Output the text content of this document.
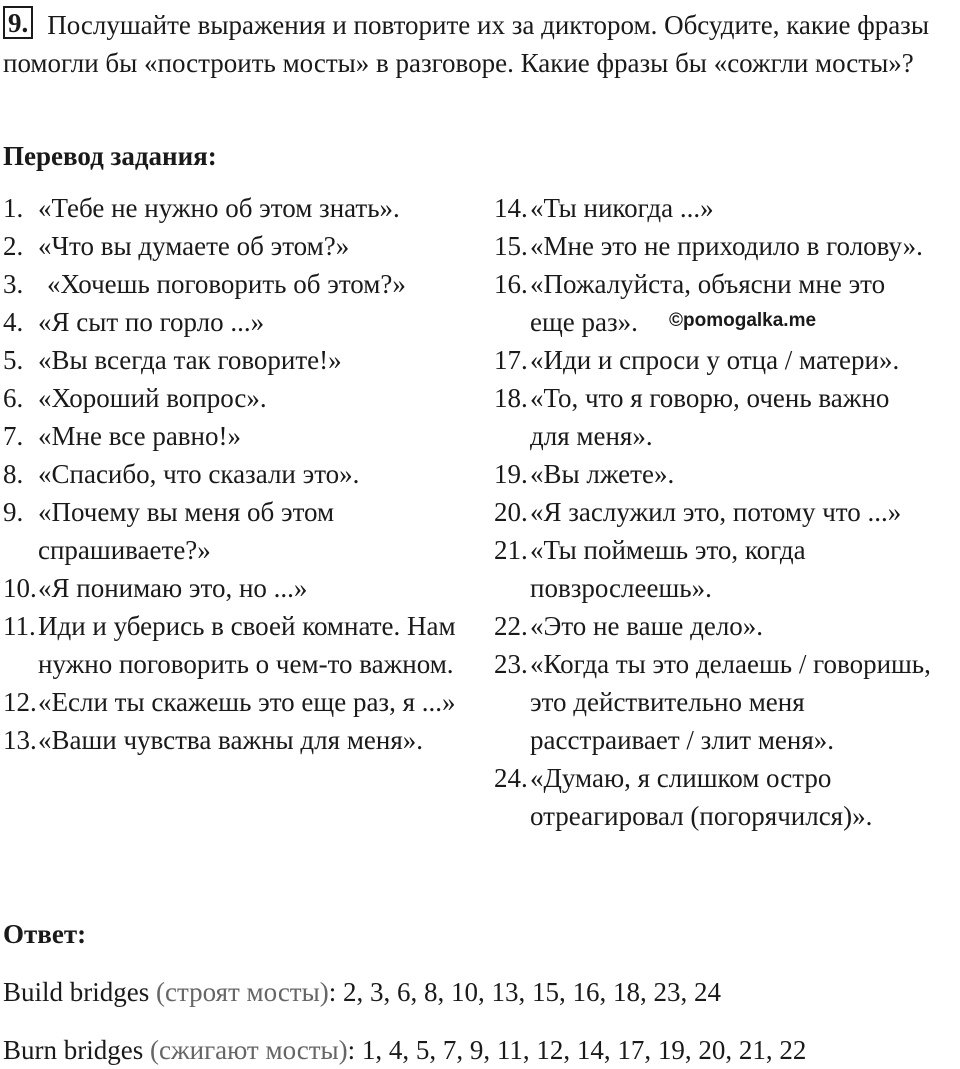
9. Послушайте выражения и повторите их за диктором. Обсудите, какие фразы помогли бы «построить мосты» в разговоре. Какие фразы бы «сожгли мосты»?
Перевод задания:
1. «Тебе не нужно об этом знать».
2. «Что вы думаете об этом?»
3. «Хочешь поговорить об этом?»
4. «Я сыт по горло ...»
5. «Вы всегда так говорите!»
6. «Хороший вопрос».
7. «Мне все равно!»
8. «Спасибо, что сказали это».
9. «Почему вы меня об этом спрашиваете?»
10. «Я понимаю это, но ...»
11. Иди и уберись в своей комнате. Нам нужно поговорить о чем-то важном.
12. «Если ты скажешь это еще раз, я ...»
13. «Ваши чувства важны для меня».
14. «Ты никогда ...»
15. «Мне это не приходило в голову».
16. «Пожалуйста, объясни мне это еще раз».
17. «Иди и спроси у отца / матери».
18. «То, что я говорю, очень важно для меня».
19. «Вы лжете».
20. «Я заслужил это, потому что ...»
21. «Ты поймешь это, когда повзрослеешь».
22. «Это не ваше дело».
23. «Когда ты это делаешь / говоришь, это действительно меня расстраивает / злит меня».
24. «Думаю, я слишком остро отреагировал (погорячился)».
©pomogalka.me
Ответ:
Build bridges (строят мосты): 2, 3, 6, 8, 10, 13, 15, 16, 18, 23, 24
Burn bridges (сжигают мосты): 1, 4, 5, 7, 9, 11, 12, 14, 17, 19, 20, 21, 22
